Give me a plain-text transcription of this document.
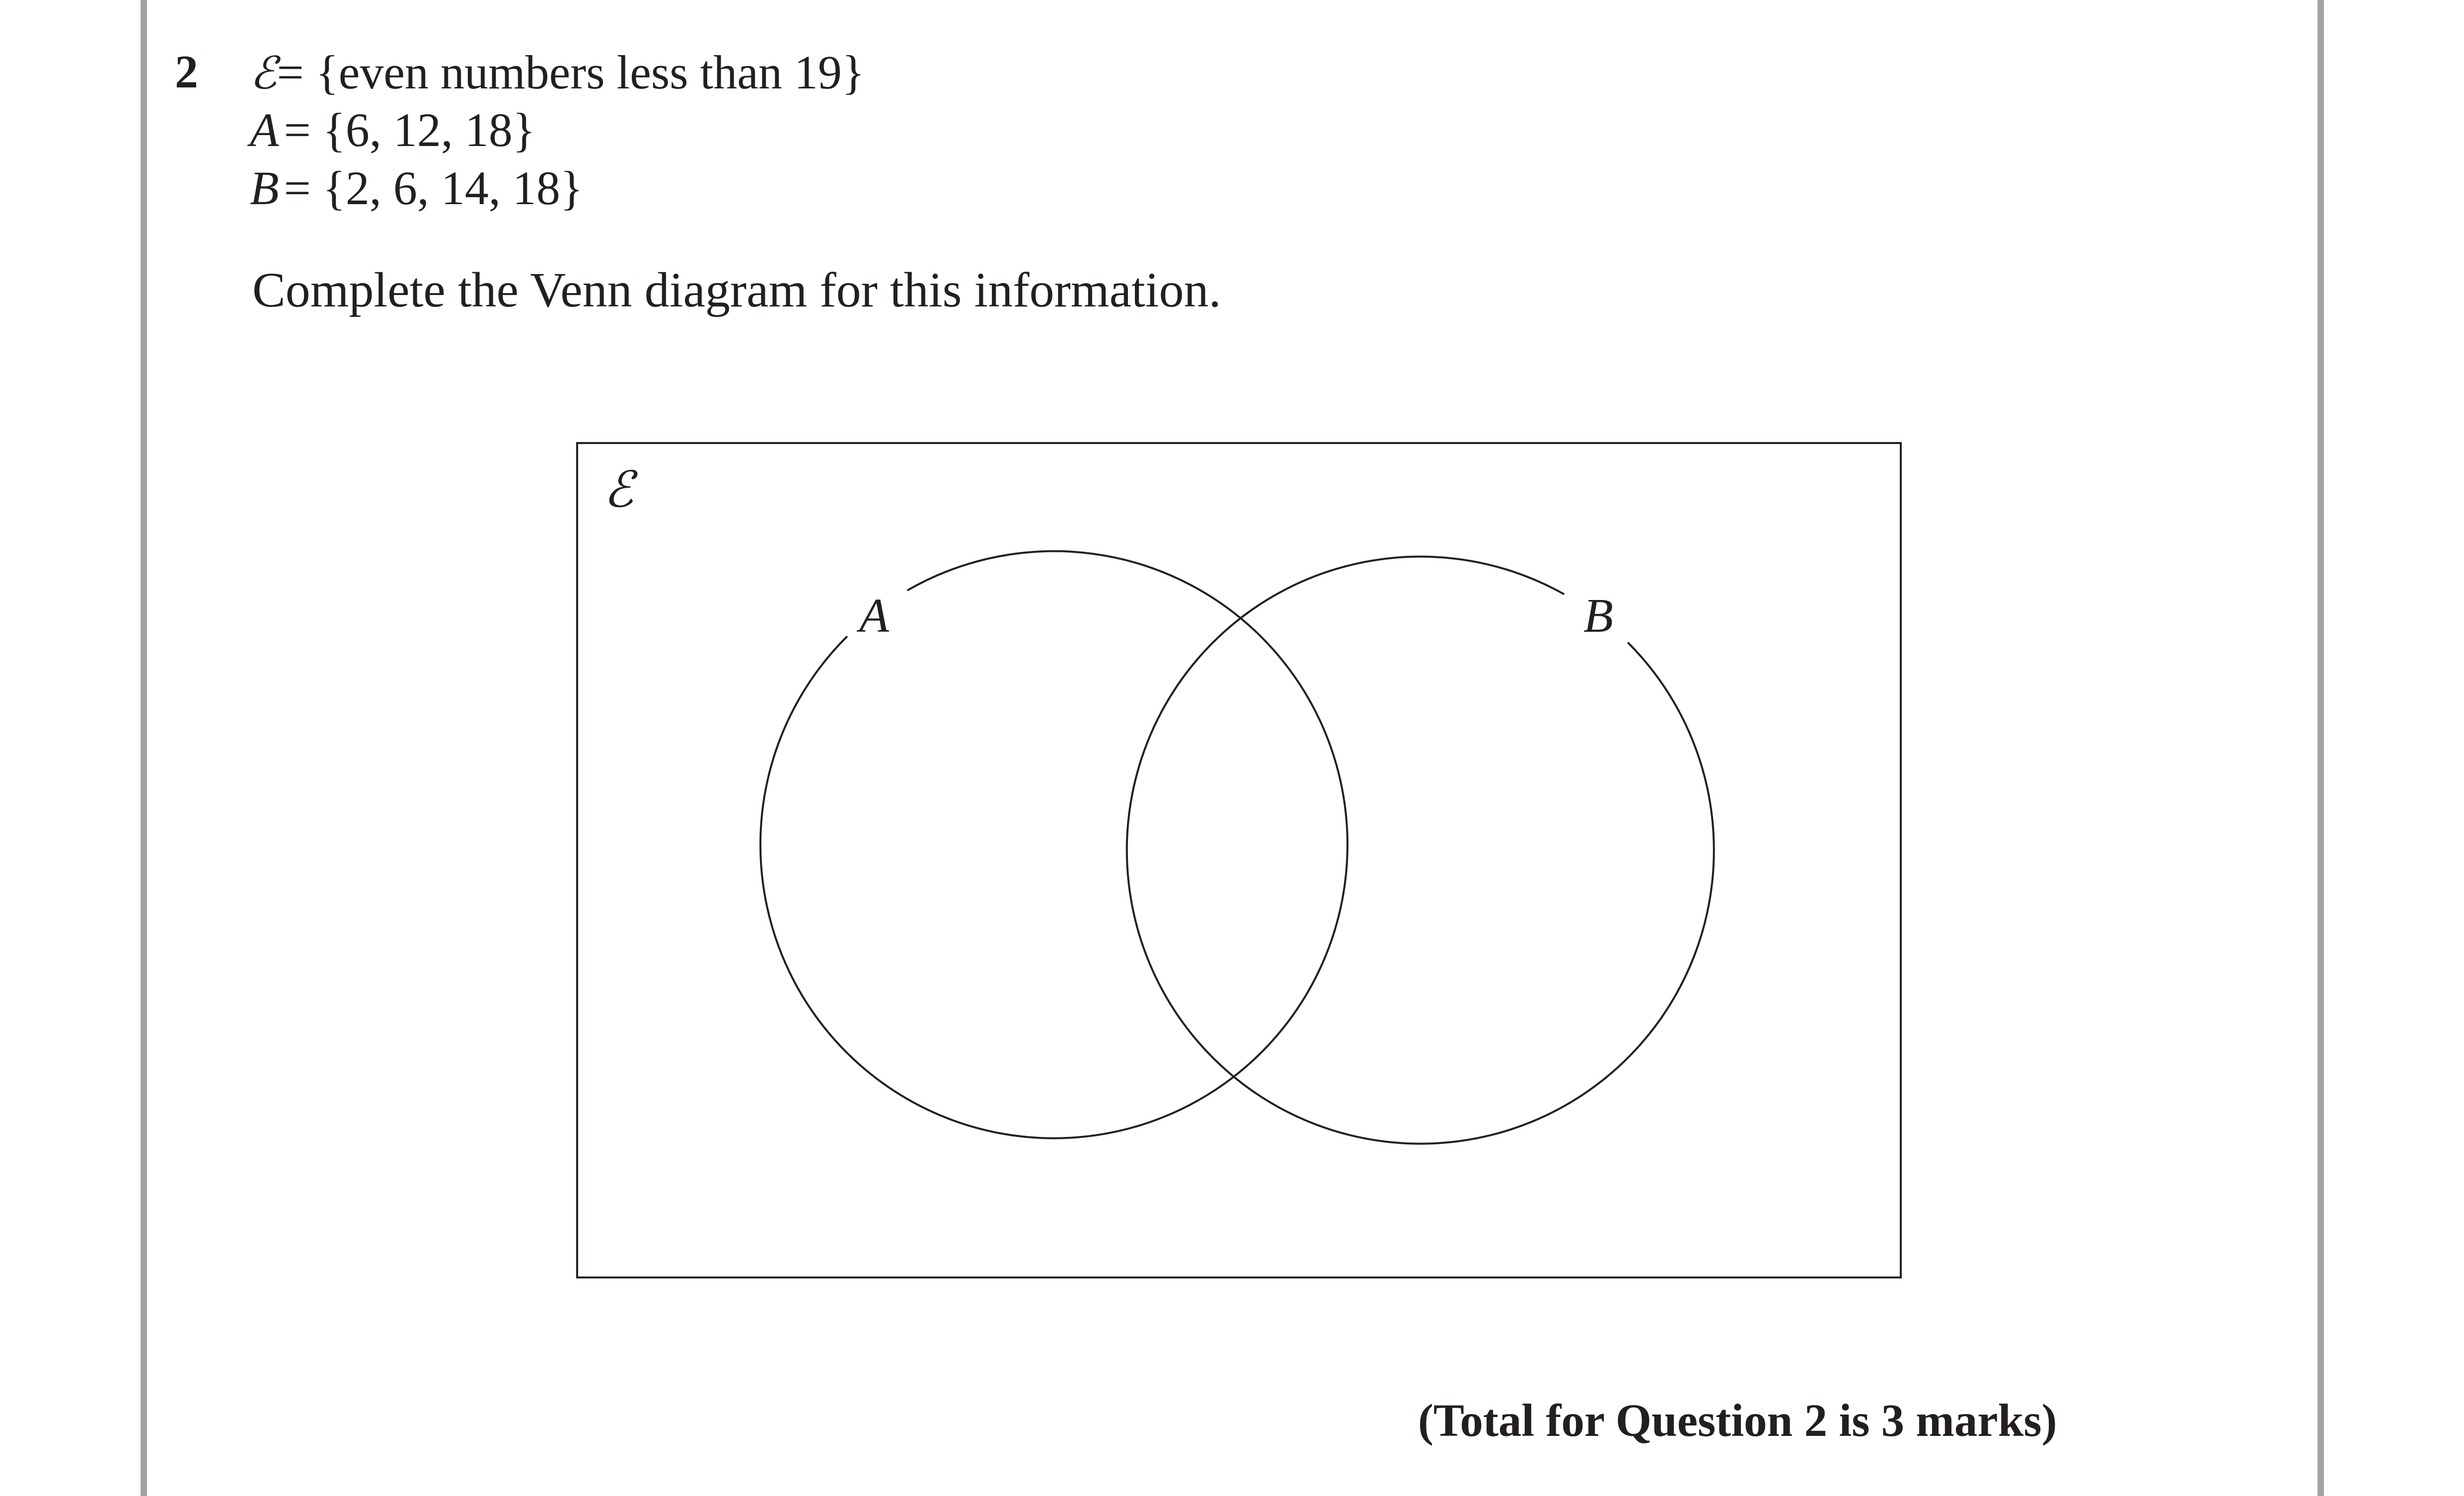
2 ℰ= {even numbers less than 19}
A = {6, 12, 18}
B = {2, 6, 14, 18}
Complete the Venn diagram for this information.
ℰ
A	B
(Total for Question 2 is 3 marks)
